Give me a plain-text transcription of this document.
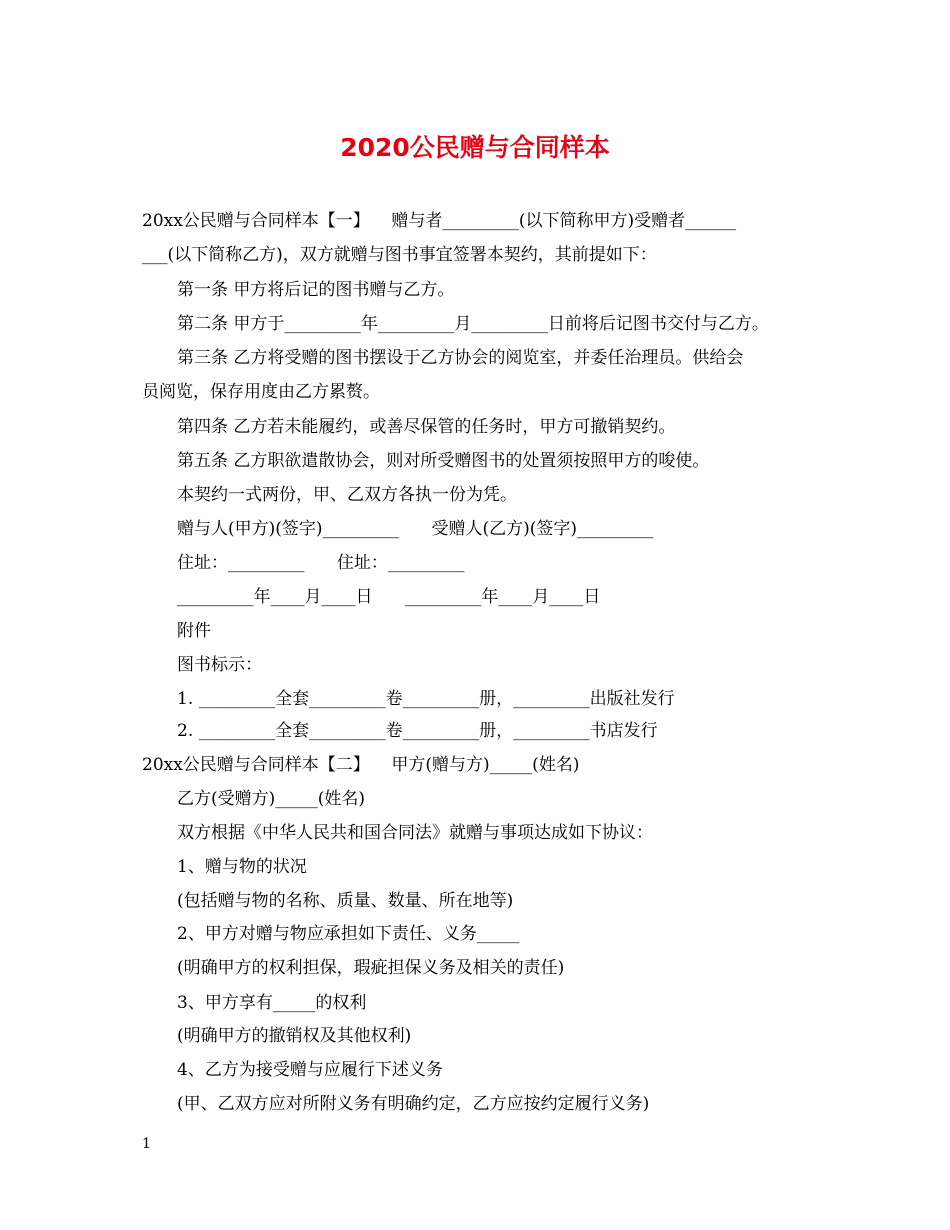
2020公民赠与合同样本
20xx公民赠与合同样本【一】    赠与者_________(以下简称甲方)受赠者______
___(以下简称乙方)，双方就赠与图书事宜签署本契约，其前提如下：
第一条 甲方将后记的图书赠与乙方。
第二条 甲方于_________年_________月_________日前将后记图书交付与乙方。
第三条 乙方将受赠的图书摆设于乙方协会的阅览室，并委任治理员。供给会
员阅览，保存用度由乙方累赘。
第四条 乙方若未能履约，或善尽保管的任务时，甲方可撤销契约。
第五条 乙方职欲遣散协会，则对所受赠图书的处置须按照甲方的唆使。
本契约一式两份，甲、乙双方各执一份为凭。
赠与人(甲方)(签字)_________      受赠人(乙方)(签字)_________
住址：_________      住址：_________
_________年____月____日      _________年____月____日
附件
图书标示：
1. _________全套_________卷_________册，_________出版社发行
2. _________全套_________卷_________册，_________书店发行
20xx公民赠与合同样本【二】    甲方(赠与方)_____(姓名)
乙方(受赠方)_____(姓名)
双方根据《中华人民共和国合同法》就赠与事项达成如下协议：
1、赠与物的状况
(包括赠与物的名称、质量、数量、所在地等)
2、甲方对赠与物应承担如下责任、义务_____
(明确甲方的权利担保，瑕疵担保义务及相关的责任)
3、甲方享有_____的权利
(明确甲方的撤销权及其他权利)
4、乙方为接受赠与应履行下述义务
(甲、乙双方应对所附义务有明确约定，乙方应按约定履行义务)
1
